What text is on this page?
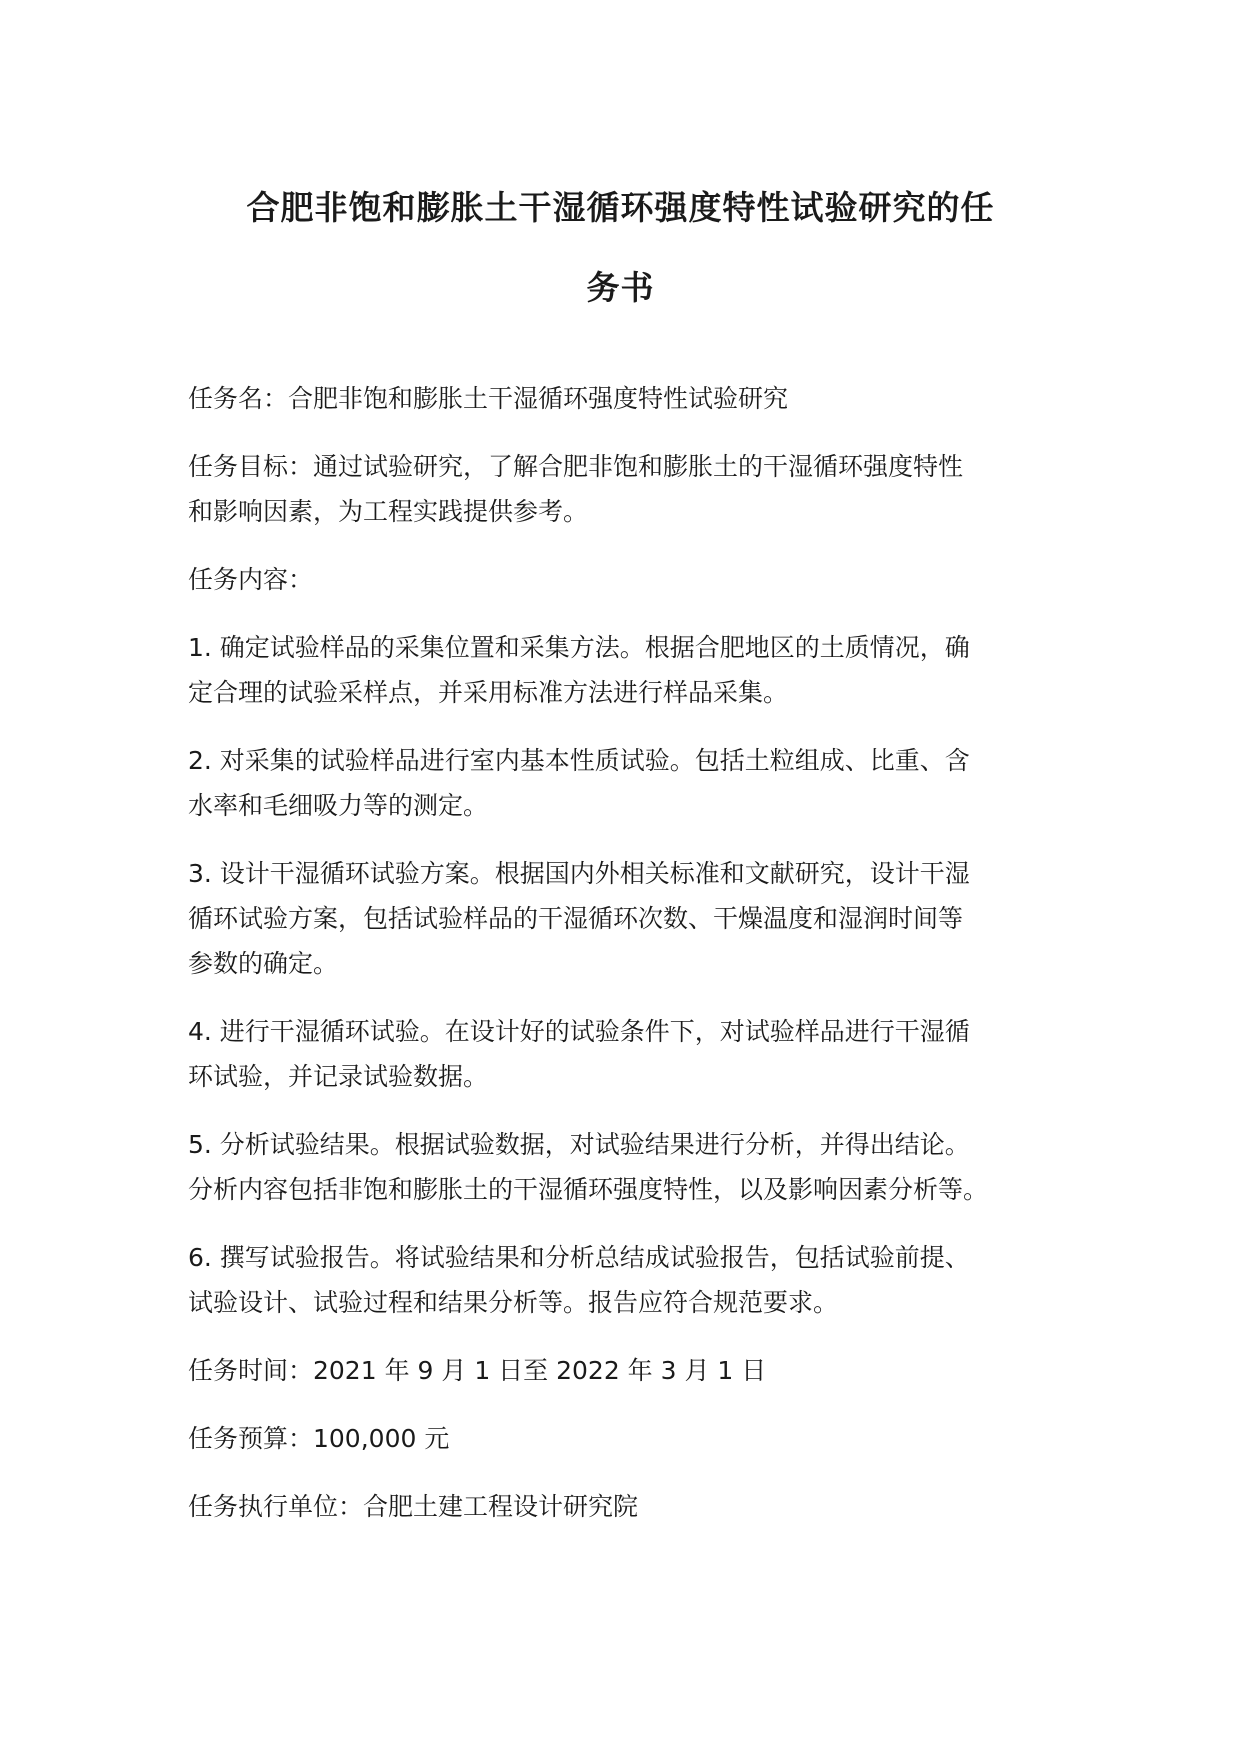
合肥非饱和膨胀土干湿循环强度特性试验研究的任
务书
任务名：合肥非饱和膨胀土干湿循环强度特性试验研究
任务目标：通过试验研究，了解合肥非饱和膨胀土的干湿循环强度特性
和影响因素，为工程实践提供参考。
任务内容：
1. 确定试验样品的采集位置和采集方法。根据合肥地区的土质情况，确
定合理的试验采样点，并采用标准方法进行样品采集。
2. 对采集的试验样品进行室内基本性质试验。包括土粒组成、比重、含
水率和毛细吸力等的测定。
3. 设计干湿循环试验方案。根据国内外相关标准和文献研究，设计干湿
循环试验方案，包括试验样品的干湿循环次数、干燥温度和湿润时间等
参数的确定。
4. 进行干湿循环试验。在设计好的试验条件下，对试验样品进行干湿循
环试验，并记录试验数据。
5. 分析试验结果。根据试验数据，对试验结果进行分析，并得出结论。
分析内容包括非饱和膨胀土的干湿循环强度特性，以及影响因素分析等。
6. 撰写试验报告。将试验结果和分析总结成试验报告，包括试验前提、
试验设计、试验过程和结果分析等。报告应符合规范要求。
任务时间：2021 年 9 月 1 日至 2022 年 3 月 1 日
任务预算：100,000 元
任务执行单位：合肥土建工程设计研究院
